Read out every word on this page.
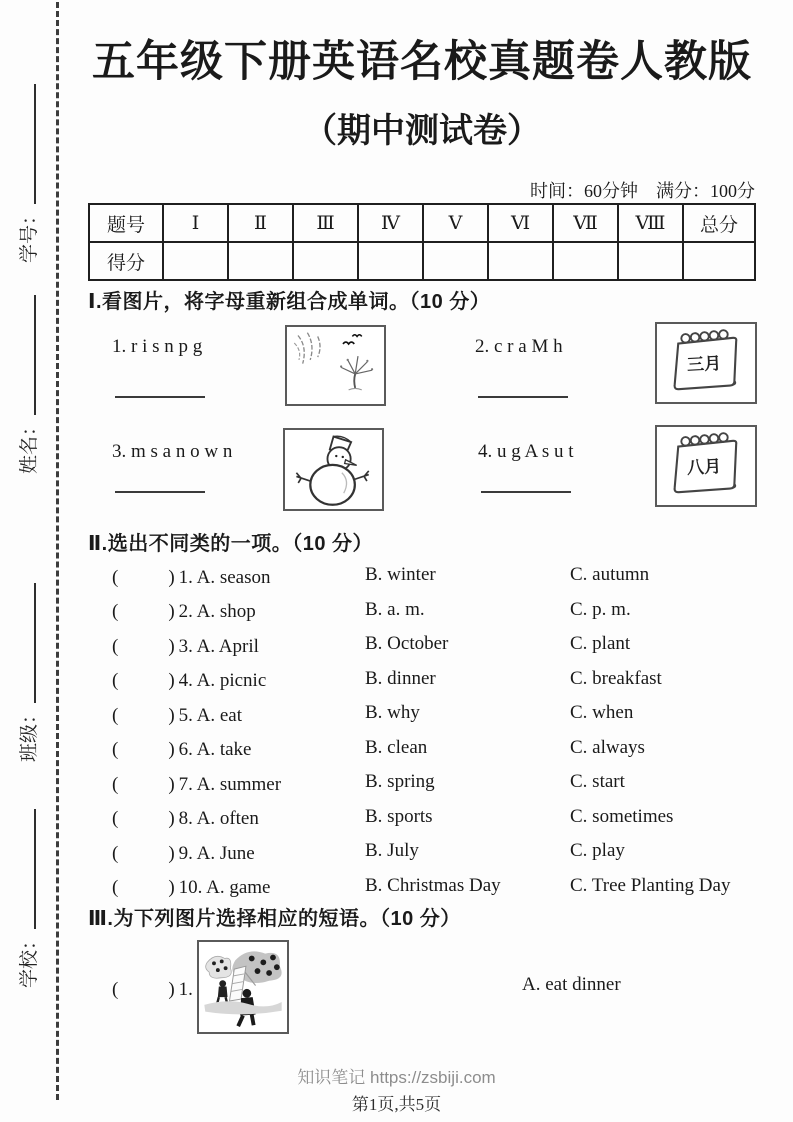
学号：
姓名：
班级：
学校：
五年级下册英语名校真题卷人教版
（期中测试卷）
时间：60分钟　满分：100分
题号	Ⅰ	Ⅱ	Ⅲ	Ⅳ	Ⅴ	Ⅵ	Ⅶ	Ⅷ	总分
得分									
Ⅰ.看图片，将字母重新组合成单词。（10 分）
1. r i s n p g	2. c r a M h
三月
3. m s a n o w n	4. u g A s u t
八月
Ⅱ.选出不同类的一项。（10 分）
(　　)1. A. season	B. winter	C. autumn
(　　)2. A. shop	B. a. m.	C. p. m.
(　　)3. A. April	B. October	C. plant
(　　)4. A. picnic	B. dinner	C. breakfast
(　　)5. A. eat	B. why	C. when
(　　)6. A. take	B. clean	C. always
(　　)7. A. summer	B. spring	C. start
(　　)8. A. often	B. sports	C. sometimes
(　　)9. A. June	B. July	C. play
(　　)10. A. game	B. Christmas Day	C. Tree Planting Day
Ⅲ.为下列图片选择相应的短语。（10 分）
(　　)1.	A. eat dinner
知识笔记 https://zsbiji.com
第1页,共5页
